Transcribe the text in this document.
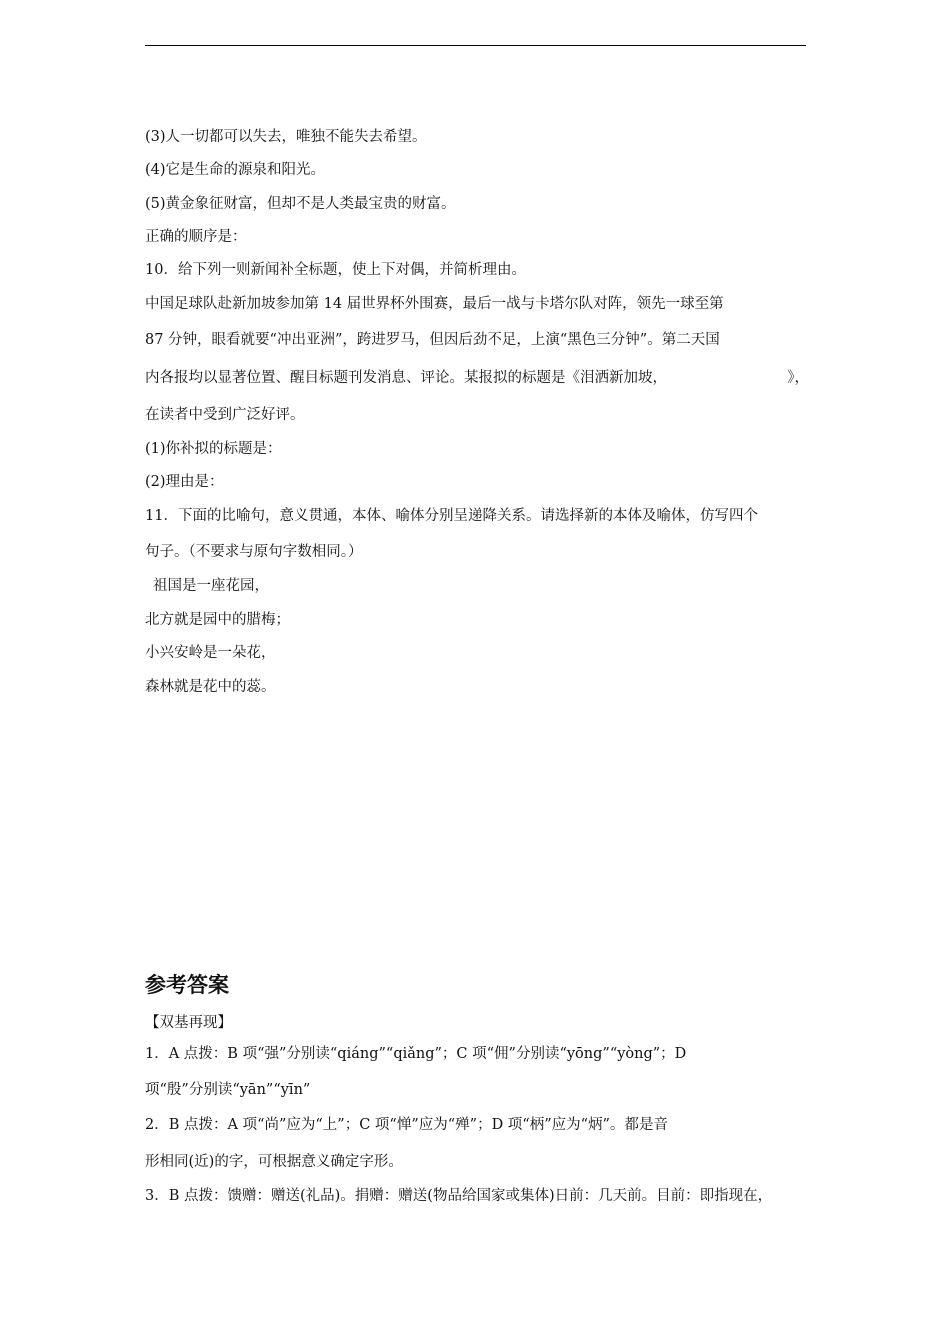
(3)人一切都可以失去，唯独不能失去希望。
(4)它是生命的源泉和阳光。
(5)黄金象征财富，但却不是人类最宝贵的财富。
正确的顺序是：
10．给下列一则新闻补全标题，使上下对偶，并简析理由。
中国足球队赴新加坡参加第 14 届世界杯外围赛，最后一战与卡塔尔队对阵，领先一球至第
87 分钟，眼看就要“冲出亚洲”，跨进罗马，但因后劲不足，上演“黑色三分钟”。第二天国
内各报均以显著位置、醒目标题刊发消息、评论。某报拟的标题是《泪洒新加坡，	》，
在读者中受到广泛好评。
(1)你补拟的标题是：
(2)理由是：
11．下面的比喻句，意义贯通，本体、喻体分别呈递降关系。请选择新的本体及喻体，仿写四个
句子。（不要求与原句字数相同。）
祖国是一座花园，
北方就是园中的腊梅；
小兴安岭是一朵花，
森林就是花中的蕊。
参考答案
【双基再现】
1．A 点拨：B 项“强”分别读“qiáng”“qiǎng”；C 项“佣”分别读“yōng”“yòng”；D
项“殷”分别读“yān”“yīn”
2．B 点拨：A 项“尚”应为“上”；C 项“惮”应为“殚”；D 项“柄”应为“炳”。都是音
形相同(近)的字，可根据意义确定字形。
3．B 点拨：馈赠：赠送(礼品)。捐赠：赠送(物品给国家或集体)日前：几天前。目前：即指现在，
